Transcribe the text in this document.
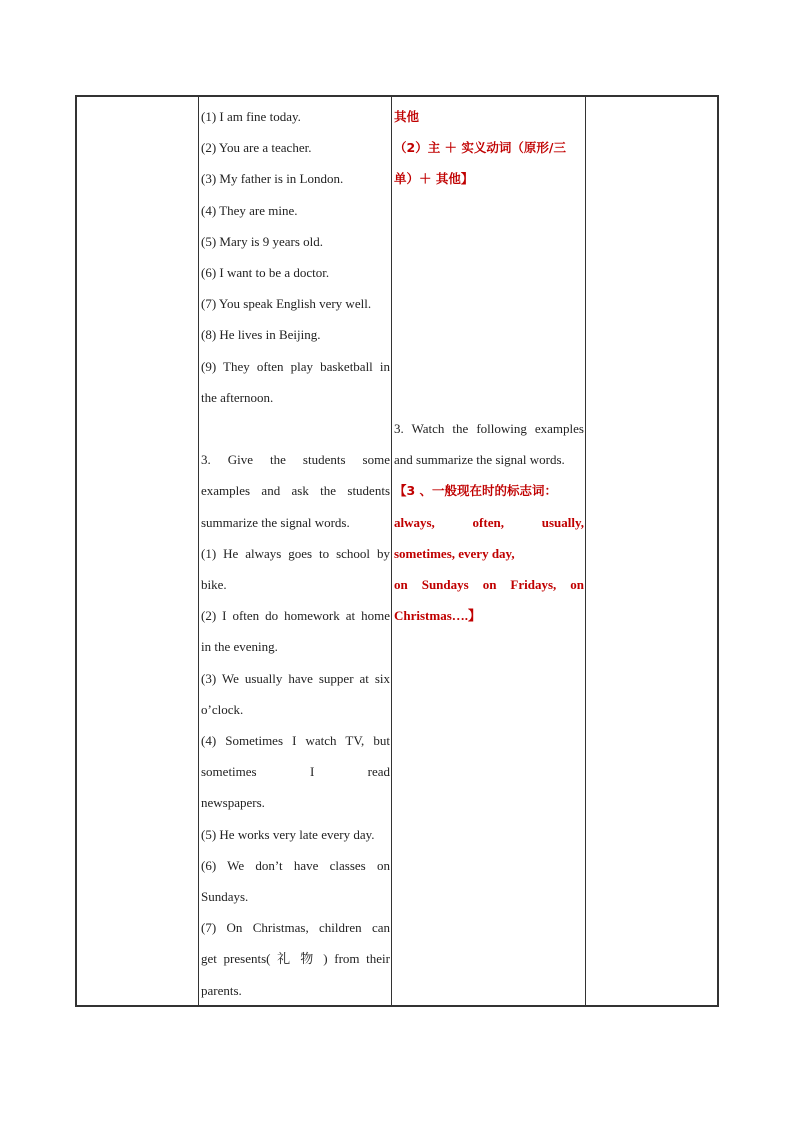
(1) I am fine today.
(2) You are a teacher.
(3) My father is in London.
(4) They are mine.
(5) Mary is 9 years old.
(6) I want to be a doctor.
(7) You speak English very well.
(8) He lives in Beijing.
(9) They often play basketball in
the afternoon.
3. Give the students some
examples and ask the students
summarize the signal words.
(1) He always goes to school by
bike.
(2) I often do homework at home
in the evening.
(3) We usually have supper at six
o’clock.
(4) Sometimes I watch TV, but
sometimes I read
newspapers.
(5) He works very late every day.
(6) We don’t have classes on
Sundays.
(7) On Christmas, children can
get presents( 礼 物 ) from their
parents.
其他
（2）主 ＋ 实义动词（原形/三
单）＋ 其他】
3. Watch the following examples
and summarize the signal words.
【3 、一般现在时的标志词：
always, often, usually,
sometimes, every day,
on Sundays on Fridays, on
Christmas….】
